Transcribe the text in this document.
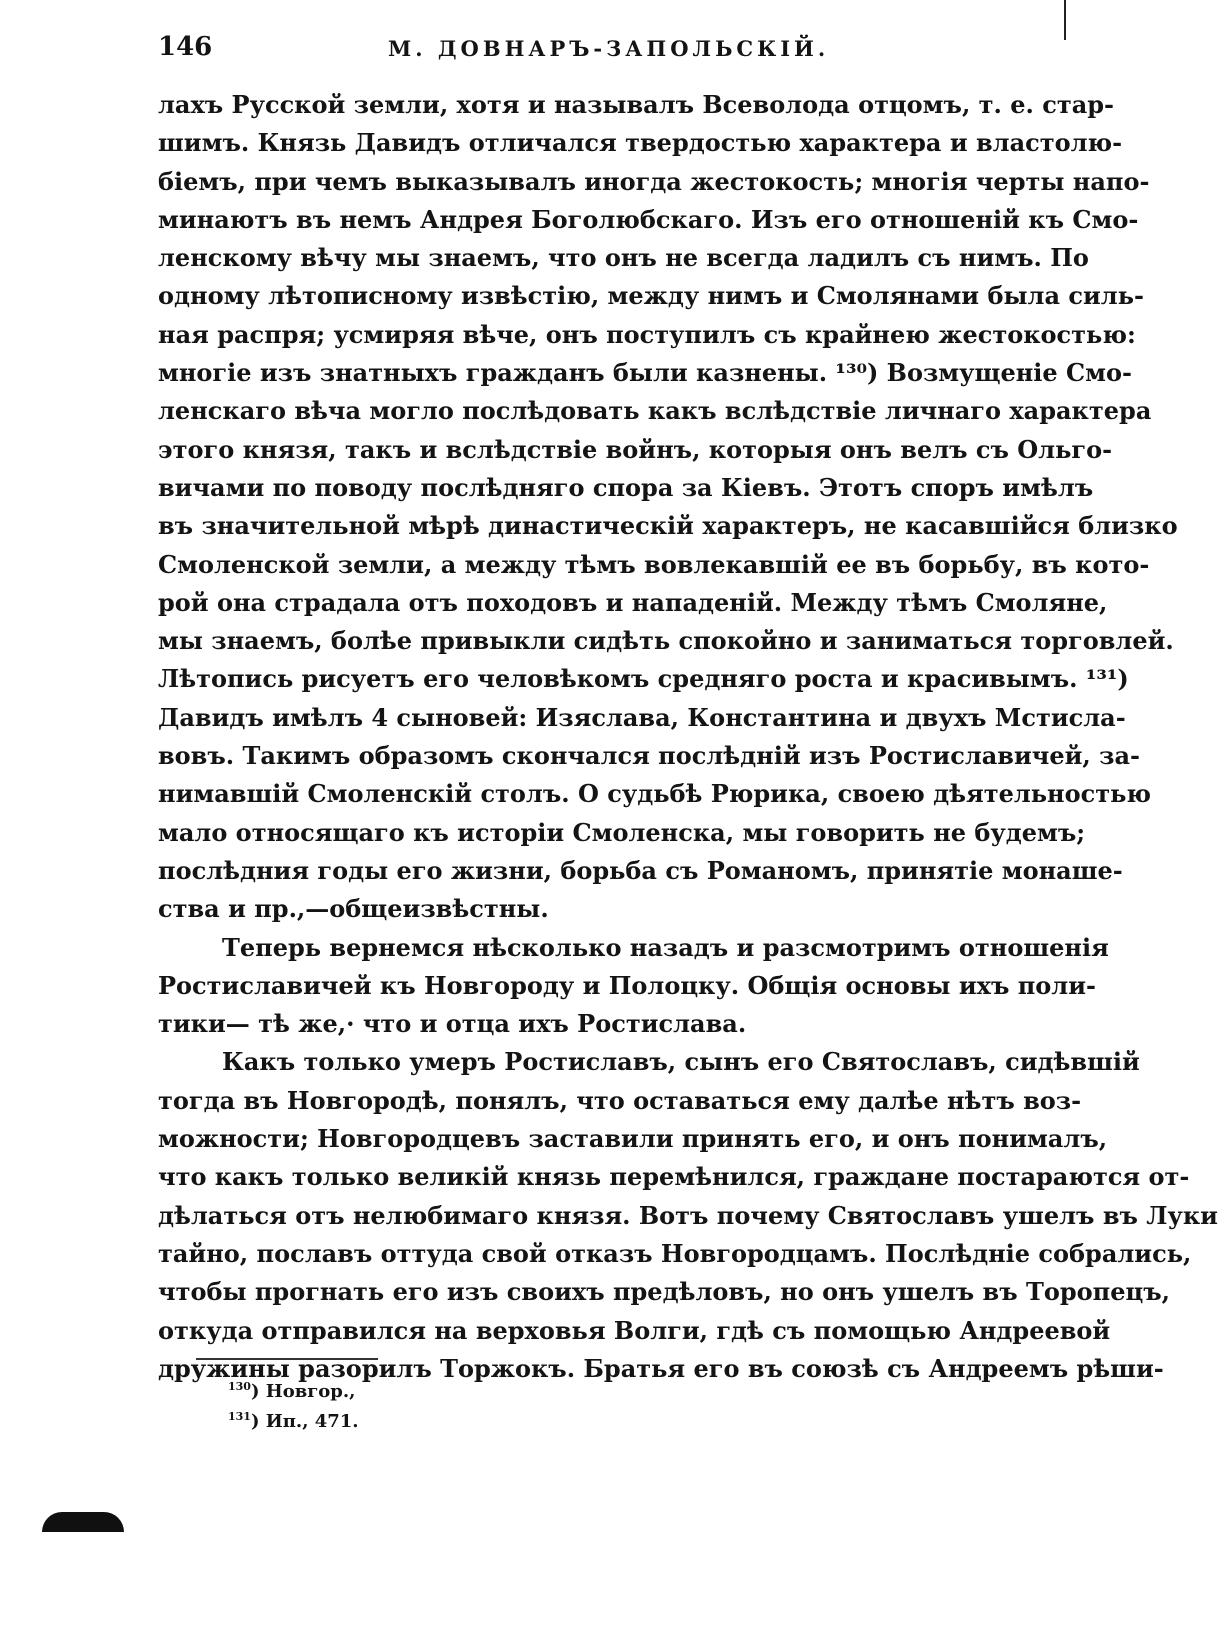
146	М. ДОВНАРЪ-ЗАПОЛЬСКІЙ.
лахъ Русской земли, хотя и называлъ Всеволода отцомъ, т. е. стар-
шимъ. Князь Давидъ отличался твердостью характера и властолю-
біемъ, при чемъ выказывалъ иногда жестокость; многія черты напо-
минаютъ въ немъ Андрея Боголюбскаго. Изъ его отношеній къ Смо-
ленскому вѣчу мы знаемъ, что онъ не всегда ладилъ съ нимъ. По
одному лѣтописному извѣстію, между нимъ и Смолянами была силь-
ная распря; усмиряя вѣче, онъ поступилъ съ крайнею жестокостью:
многіе изъ знатныхъ гражданъ были казнены. ¹³⁰) Возмущеніе Смо-
ленскаго вѣча могло послѣдовать какъ вслѣдствіе личнаго характера
этого князя, такъ и вслѣдствіе войнъ, которыя онъ велъ съ Ольго-
вичами по поводу послѣдняго спора за Кіевъ. Этотъ споръ имѣлъ
въ значительной мѣрѣ династическій характеръ, не касавшійся близко
Смоленской земли, а между тѣмъ вовлекавшій ее въ борьбу, въ кото-
рой она страдала отъ походовъ и нападеній. Между тѣмъ Смоляне,
мы знаемъ, болѣе привыкли сидѣть спокойно и заниматься торговлей.
Лѣтопись рисуетъ его человѣкомъ средняго роста и красивымъ. ¹³¹)
Давидъ имѣлъ 4 сыновей: Изяслава, Константина и двухъ Мстисла-
вовъ. Такимъ образомъ скончался послѣдній изъ Ростиславичей, за-
нимавшій Смоленскій столъ. О судьбѣ Рюрика, своею дѣятельностью
мало относящаго къ исторіи Смоленска, мы говорить не будемъ;
послѣдния годы его жизни, борьба съ Романомъ, принятіе монаше-
ства и пр.,—общеизвѣстны.
Теперь вернемся нѣсколько назадъ и разсмотримъ отношенія
Ростиславичей къ Новгороду и Полоцку. Общія основы ихъ поли-
тики— тѣ же,· что и отца ихъ Ростислава.
Какъ только умеръ Ростиславъ, сынъ его Святославъ, сидѣвшій
тогда въ Новгородѣ, понялъ, что оставаться ему далѣе нѣтъ воз-
можности; Новгородцевъ заставили принять его, и онъ понималъ,
что какъ только великій князь перемѣнился, граждане постараются от-
дѣлаться отъ нелюбимаго князя. Вотъ почему Святославъ ушелъ въ Луки
тайно, пославъ оттуда свой отказъ Новгородцамъ. Послѣдніе собрались,
чтобы прогнать его изъ своихъ предѣловъ, но онъ ушелъ въ Торопецъ,
откуда отправился на верховья Волги, гдѣ съ помощью Андреевой
дружины разорилъ Торжокъ. Братья его въ союзѣ съ Андреемъ рѣши-
$^{130}$) Новгор.,
$^{131}$) Ип., 471.
